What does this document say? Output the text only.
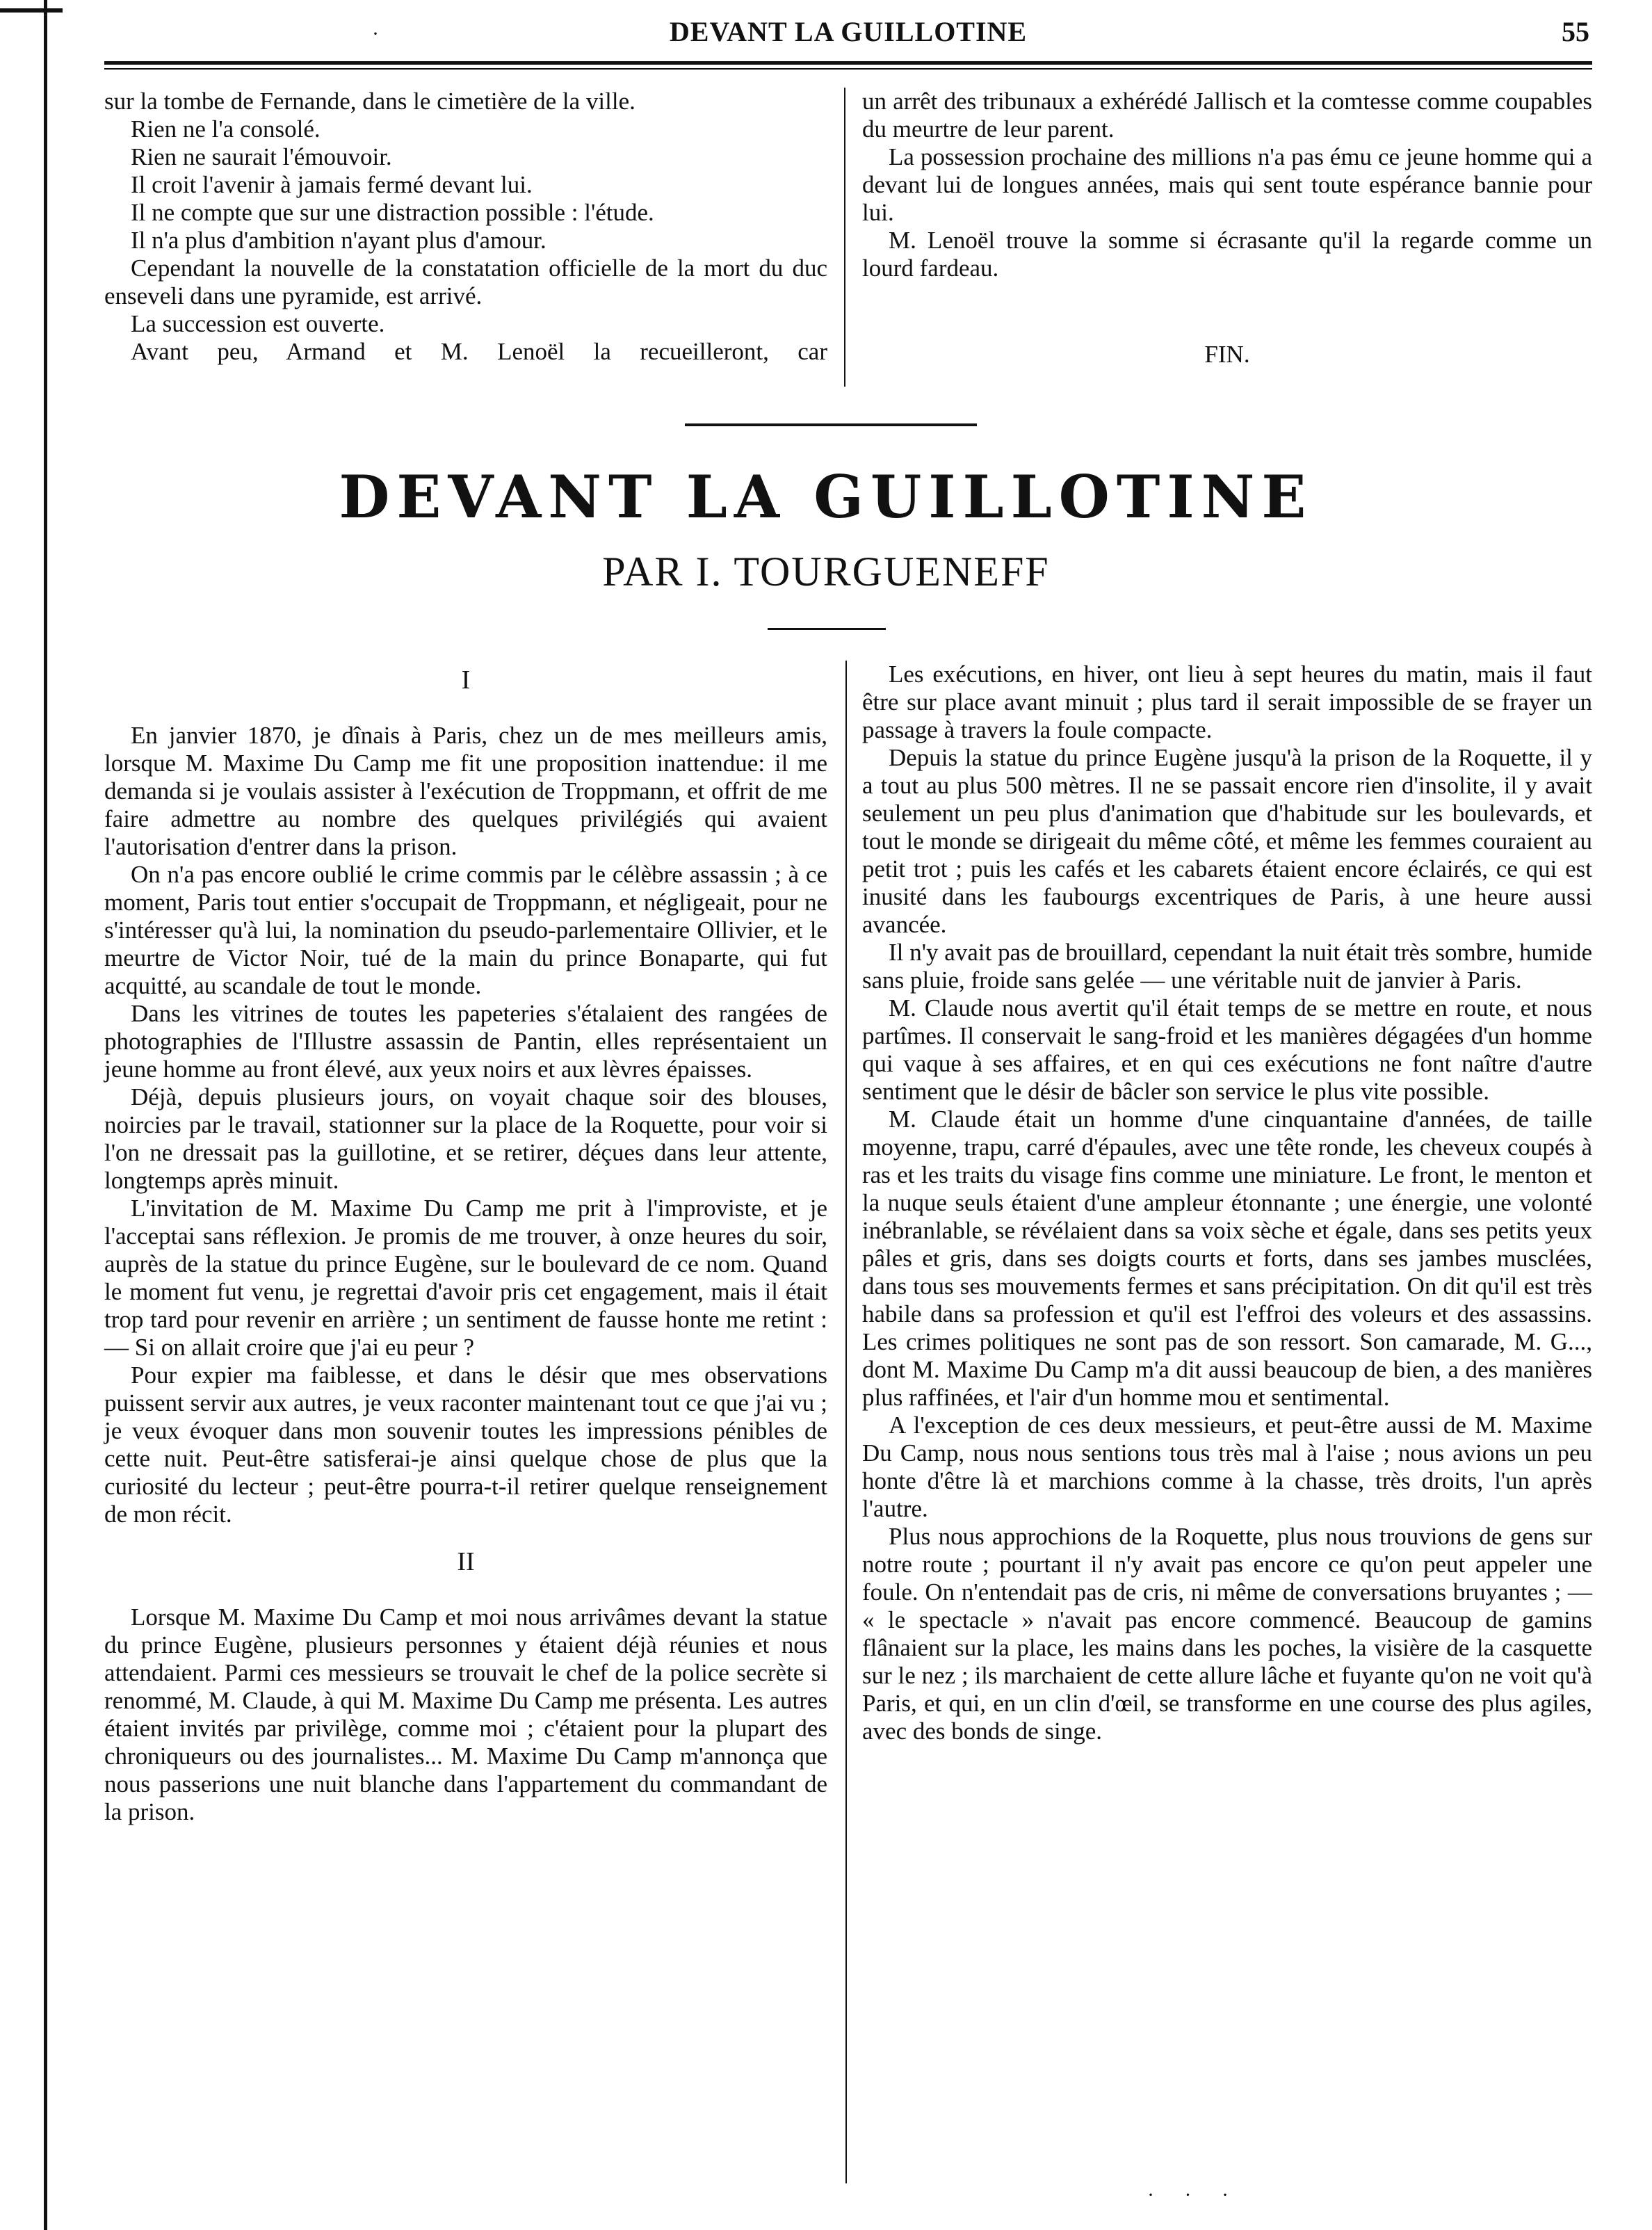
·	DEVANT LA GUILLOTINE	55

sur la tombe de Fernande, dans le cimetière de la ville.

Rien ne l'a consolé.

Rien ne saurait l'émouvoir.

Il croit l'avenir à jamais fermé devant lui.

Il ne compte que sur une distraction possible : l'étude.

Il n'a plus d'ambition n'ayant plus d'amour.

Cependant la nouvelle de la constatation officielle de la mort du duc enseveli dans une pyramide, est arrivé.

La succession est ouverte.

Avant peu, Armand et M. Lenoël la recueilleront, car

un arrêt des tribunaux a exhérédé Jallisch et la comtesse comme coupables du meurtre de leur parent.

La possession prochaine des millions n'a pas ému ce jeune homme qui a devant lui de longues années, mais qui sent toute espérance bannie pour lui.

M. Lenoël trouve la somme si écrasante qu'il la regarde comme un lourd fardeau.

FIN.
DEVANT LA GUILLOTINE
PAR I. TOURGUENEFF
I

En janvier 1870, je dînais à Paris, chez un de mes meilleurs amis, lorsque M. Maxime Du Camp me fit une proposition inattendue: il me demanda si je voulais assister à l'exécution de Troppmann, et offrit de me faire admettre au nombre des quelques privilégiés qui avaient l'autorisation d'entrer dans la prison.

On n'a pas encore oublié le crime commis par le célèbre assassin ; à ce moment, Paris tout entier s'occupait de Troppmann, et négligeait, pour ne s'intéresser qu'à lui, la nomination du pseudo-parlementaire Ollivier, et le meurtre de Victor Noir, tué de la main du prince Bonaparte, qui fut acquitté, au scandale de tout le monde.

Dans les vitrines de toutes les papeteries s'étalaient des rangées de photographies de l'Illustre assassin de Pantin, elles représentaient un jeune homme au front élevé, aux yeux noirs et aux lèvres épaisses.

Déjà, depuis plusieurs jours, on voyait chaque soir des blouses, noircies par le travail, stationner sur la place de la Roquette, pour voir si l'on ne dressait pas la guillotine, et se retirer, déçues dans leur attente, longtemps après minuit.

L'invitation de M. Maxime Du Camp me prit à l'improviste, et je l'acceptai sans réflexion. Je promis de me trouver, à onze heures du soir, auprès de la statue du prince Eugène, sur le boulevard de ce nom. Quand le moment fut venu, je regrettai d'avoir pris cet engagement, mais il était trop tard pour revenir en arrière ; un sentiment de fausse honte me retint : — Si on allait croire que j'ai eu peur ?

Pour expier ma faiblesse, et dans le désir que mes observations puissent servir aux autres, je veux raconter maintenant tout ce que j'ai vu ; je veux évoquer dans mon souvenir toutes les impressions pénibles de cette nuit. Peut-être satisferai-je ainsi quelque chose de plus que la curiosité du lecteur ; peut-être pourra-t-il retirer quelque renseignement de mon récit.

II

Lorsque M. Maxime Du Camp et moi nous arrivâmes devant la statue du prince Eugène, plusieurs personnes y étaient déjà réunies et nous attendaient. Parmi ces messieurs se trouvait le chef de la police secrète si renommé, M. Claude, à qui M. Maxime Du Camp me présenta. Les autres étaient invités par privilège, comme moi ; c'étaient pour la plupart des chroniqueurs ou des journalistes... M. Maxime Du Camp m'annonça que nous passerions une nuit blanche dans l'appartement du commandant de la prison.

Les exécutions, en hiver, ont lieu à sept heures du matin, mais il faut être sur place avant minuit ; plus tard il serait impossible de se frayer un passage à travers la foule compacte.

Depuis la statue du prince Eugène jusqu'à la prison de la Roquette, il y a tout au plus 500 mètres. Il ne se passait encore rien d'insolite, il y avait seulement un peu plus d'animation que d'habitude sur les boulevards, et tout le monde se dirigeait du même côté, et même les femmes couraient au petit trot ; puis les cafés et les cabarets étaient encore éclairés, ce qui est inusité dans les faubourgs excentriques de Paris, à une heure aussi avancée.

Il n'y avait pas de brouillard, cependant la nuit était très sombre, humide sans pluie, froide sans gelée — une véritable nuit de janvier à Paris.

M. Claude nous avertit qu'il était temps de se mettre en route, et nous partîmes. Il conservait le sang-froid et les manières dégagées d'un homme qui vaque à ses affaires, et en qui ces exécutions ne font naître d'autre sentiment que le désir de bâcler son service le plus vite possible.

M. Claude était un homme d'une cinquantaine d'années, de taille moyenne, trapu, carré d'épaules, avec une tête ronde, les cheveux coupés à ras et les traits du visage fins comme une miniature. Le front, le menton et la nuque seuls étaient d'une ampleur étonnante ; une énergie, une volonté inébranlable, se révélaient dans sa voix sèche et égale, dans ses petits yeux pâles et gris, dans ses doigts courts et forts, dans ses jambes musclées, dans tous ses mouvements fermes et sans précipitation. On dit qu'il est très habile dans sa profession et qu'il est l'effroi des voleurs et des assassins. Les crimes politiques ne sont pas de son ressort. Son camarade, M. G..., dont M. Maxime Du Camp m'a dit aussi beaucoup de bien, a des manières plus raffinées, et l'air d'un homme mou et sentimental.

A l'exception de ces deux messieurs, et peut-être aussi de M. Maxime Du Camp, nous nous sentions tous très mal à l'aise ; nous avions un peu honte d'être là et marchions comme à la chasse, très droits, l'un après l'autre.

Plus nous approchions de la Roquette, plus nous trouvions de gens sur notre route ; pourtant il n'y avait pas encore ce qu'on peut appeler une foule. On n'entendait pas de cris, ni même de conversations bruyantes ; — « le spectacle » n'avait pas encore commencé. Beaucoup de gamins flânaient sur la place, les mains dans les poches, la visière de la casquette sur le nez ; ils marchaient de cette allure lâche et fuyante qu'on ne voit qu'à Paris, et qui, en un clin d'œil, se transforme en une course des plus agiles, avec des bonds de singe.

· · ·
